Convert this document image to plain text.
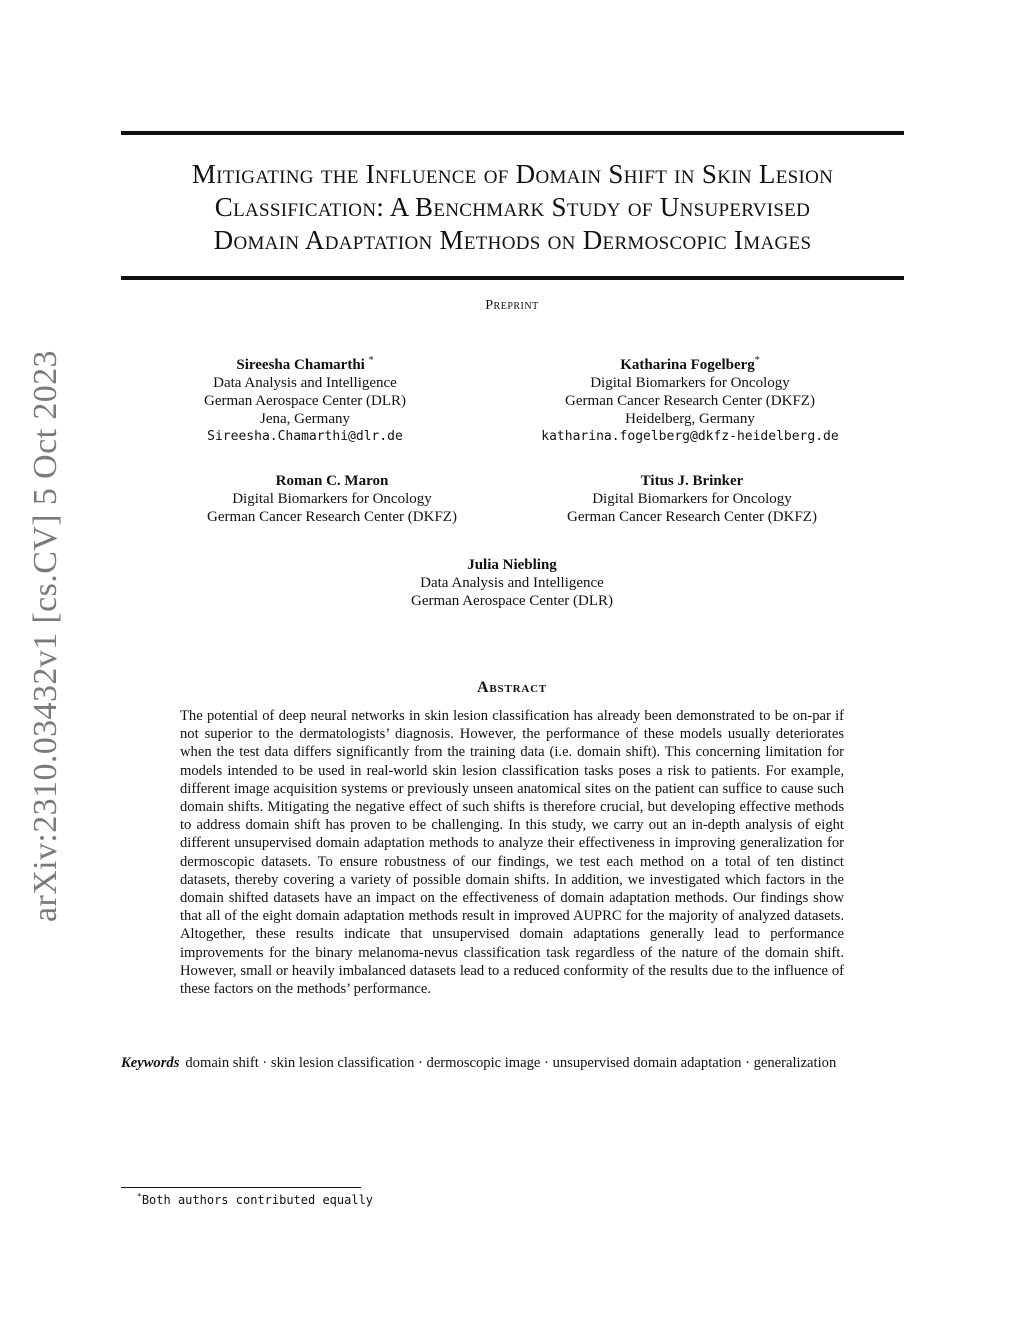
arXiv:2310.03432v1 [cs.CV] 5 Oct 2023
Mitigating the Influence of Domain Shift in Skin Lesion
Classification: A Benchmark Study of Unsupervised
Domain Adaptation Methods on Dermoscopic Images
Preprint
Sireesha Chamarthi *
Data Analysis and Intelligence
German Aerospace Center (DLR)
Jena, Germany
Sireesha.Chamarthi@dlr.de
Katharina Fogelberg*
Digital Biomarkers for Oncology
German Cancer Research Center (DKFZ)
Heidelberg, Germany
katharina.fogelberg@dkfz-heidelberg.de
Roman C. Maron
Digital Biomarkers for Oncology
German Cancer Research Center (DKFZ)
Titus J. Brinker
Digital Biomarkers for Oncology
German Cancer Research Center (DKFZ)
Julia Niebling
Data Analysis and Intelligence
German Aerospace Center (DLR)
Abstract

The potential of deep neural networks in skin lesion classification has already been demonstrated to be on-par if not superior to the dermatologists’ diagnosis. However, the performance of these models usually deteriorates when the test data differs significantly from the training data (i.e. domain shift). This concerning limitation for models intended to be used in real-world skin lesion classification tasks poses a risk to patients. For example, different image acquisition systems or previously unseen anatomical sites on the patient can suffice to cause such domain shifts. Mitigating the negative effect of such shifts is therefore crucial, but developing effective methods to address domain shift has proven to be challenging. In this study, we carry out an in-depth analysis of eight different unsupervised domain adaptation methods to analyze their effectiveness in improving generalization for dermoscopic datasets. To ensure robustness of our findings, we test each method on a total of ten distinct datasets, thereby covering a variety of possible domain shifts. In addition, we investigated which factors in the domain shifted datasets have an impact on the effectiveness of domain adaptation methods. Our findings show that all of the eight domain adaptation methods result in improved AUPRC for the majority of analyzed datasets. Altogether, these results indicate that unsupervised domain adaptations generally lead to performance improvements for the binary melanoma-nevus classification task regardless of the nature of the domain shift. However, small or heavily imbalanced datasets lead to a reduced conformity of the results due to the influence of these factors on the methods’ performance.

Keywords domain shift · skin lesion classification · dermoscopic image · unsupervised domain adaptation · generalization

*Both authors contributed equally
